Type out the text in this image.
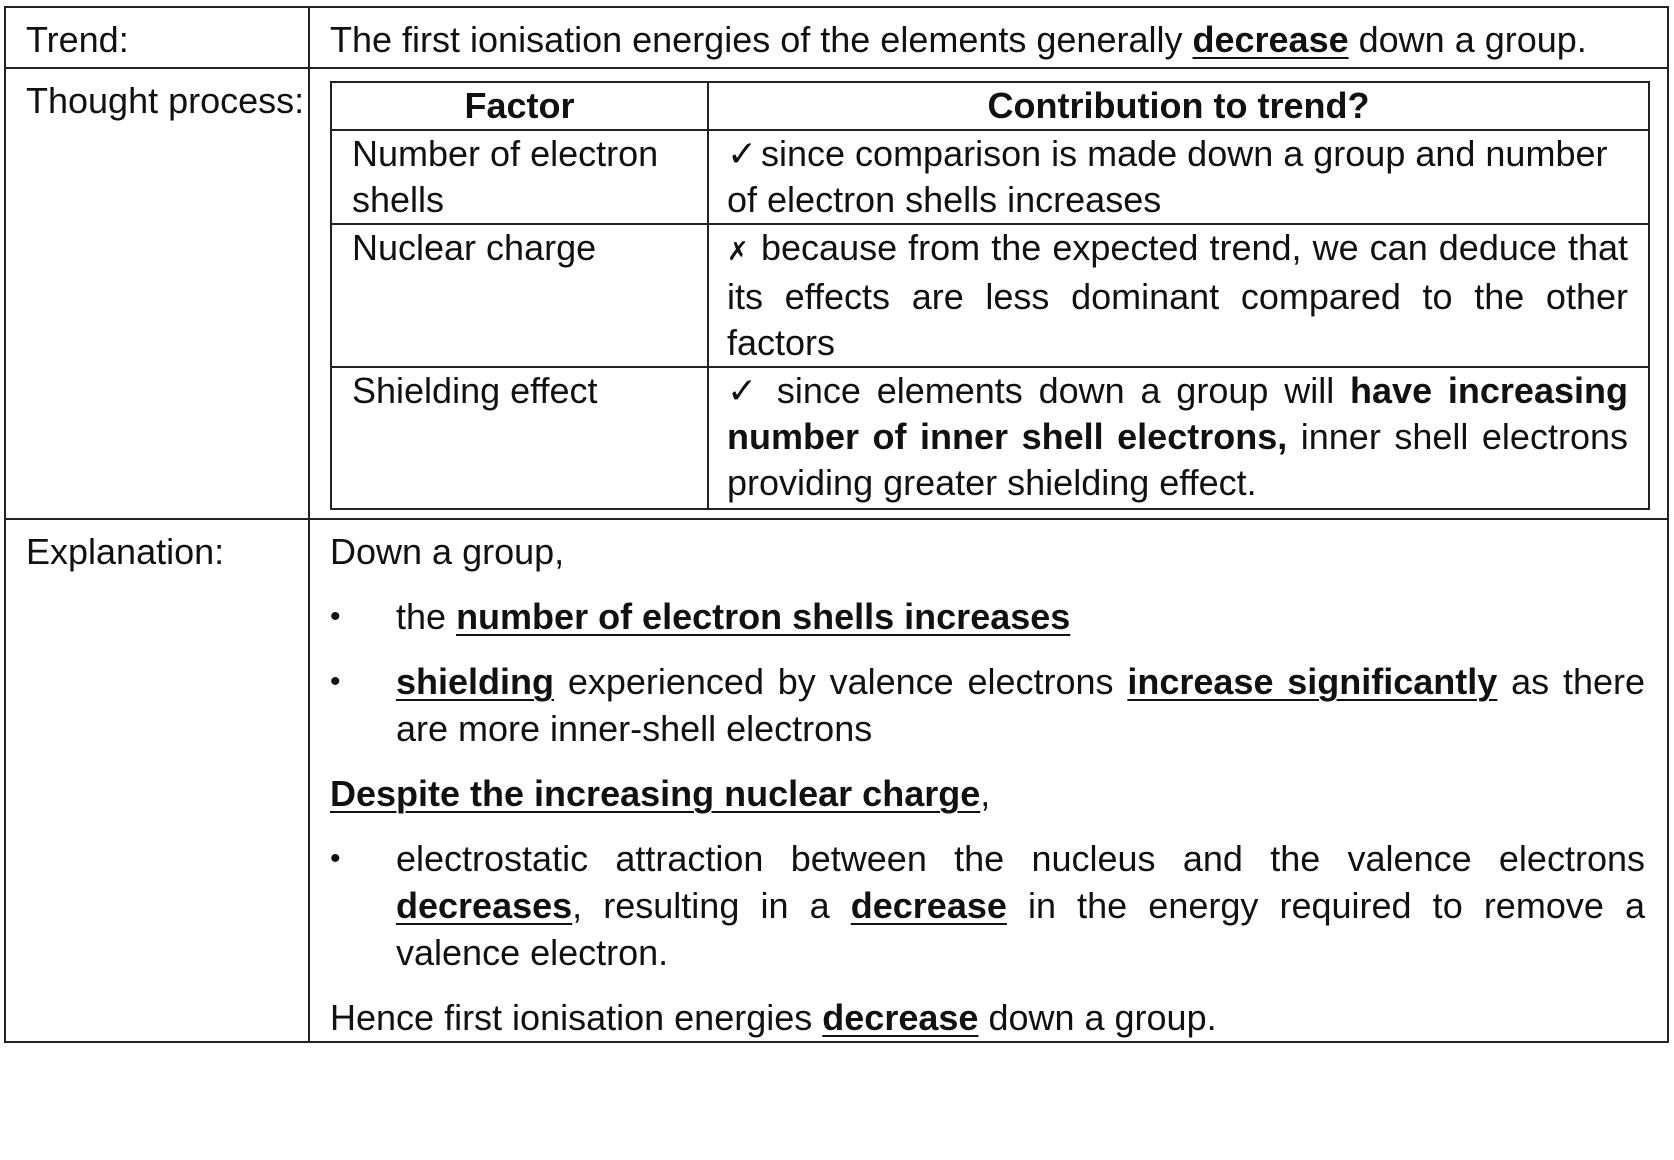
Trend:	The first ionisation energies of the elements generally decrease down a group.
Thought process:		Factor	Contribution to trend?
Number of electron shells	✓ since comparison is made down a group and number of electron shells increases
Nuclear charge	✗ because from the expected trend, we can deduce that its effects are less dominant compared to the other factors
Shielding effect	✓ since elements down a group will have increasing number of inner shell electrons, inner shell electrons providing greater shielding effect.

Explanation:	Down a group,

•	the number of electron shells increases
•	shielding experienced by valence electrons increase significantly as there are more inner-shell electrons

Despite the increasing nuclear charge,

•	electrostatic attraction between the nucleus and the valence electrons decreases, resulting in a decrease in the energy required to remove a valence electron.

Hence first ionisation energies decrease down a group.
